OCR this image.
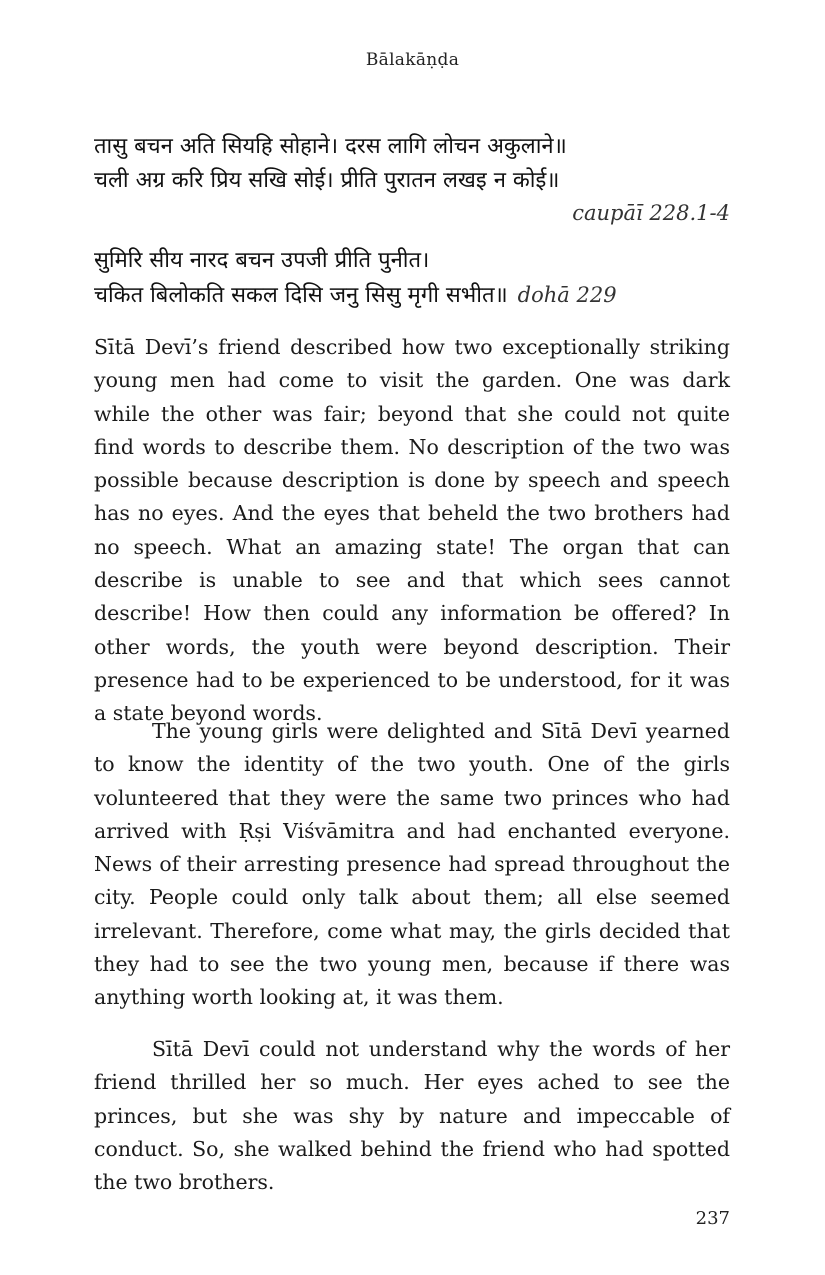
Bālakāṇḍa
तासु बचन अति सियहि सोहाने। दरस लागि लोचन अकुलाने॥
चली अग्र करि प्रिय सखि सोई। प्रीति पुरातन लखइ न कोई॥
caupāī 228.1-4
सुमिरि सीय नारद बचन उपजी प्रीति पुनीत।
चकित बिलोकति सकल दिसि जनु सिसु मृगी सभीत॥ dohā 229

Sītā Devī’s friend described how two exceptionally striking young men had come to visit the garden. One was dark while the other was fair; beyond that she could not quite find words to describe them. No description of the two was possible because description is done by speech and speech has no eyes. And the eyes that beheld the two brothers had no speech. What an amazing state! The organ that can describe is unable to see and that which sees cannot describe! How then could any information be offered? In other words, the youth were beyond description. Their presence had to be experienced to be understood, for it was a state beyond words.

The young girls were delighted and Sītā Devī yearned to know the identity of the two youth. One of the girls volunteered that they were the same two princes who had arrived with Ṛṣi Viśvāmitra and had enchanted everyone. News of their arresting presence had spread throughout the city. People could only talk about them; all else seemed irrelevant. Therefore, come what may, the girls decided that they had to see the two young men, because if there was anything worth looking at, it was them.

Sītā Devī could not understand why the words of her friend thrilled her so much. Her eyes ached to see the princes, but she was shy by nature and impeccable of conduct. So, she walked behind the friend who had spotted the two brothers.

237
